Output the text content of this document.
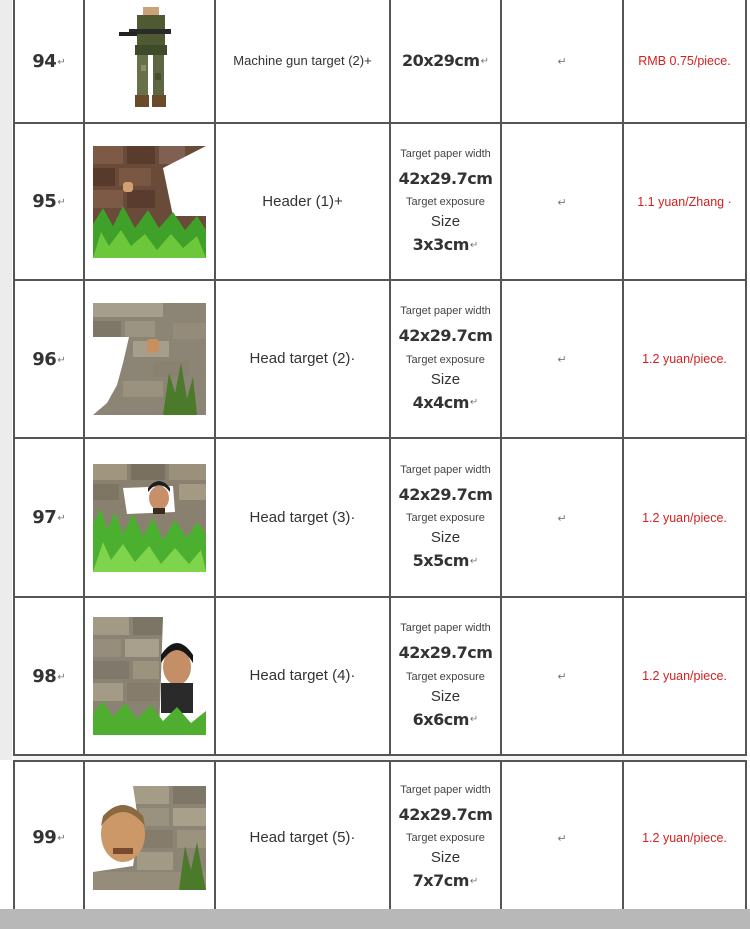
94↵		Machine gun target (2)+	20x29cm↵	↵	RMB 0.75/piece.
95↵		Header (1)+	Target paper width
42x29.7cm
Target exposure
Size
3x3cm↵	↵	1.1 yuan/Zhang ·
96↵		Head target (2)·	Target paper width
42x29.7cm
Target exposure
Size
4x4cm↵	↵	1.2 yuan/piece.
97↵		Head target (3)·	Target paper width
42x29.7cm
Target exposure
Size
5x5cm↵	↵	1.2 yuan/piece.
98↵		Head target (4)·	Target paper width
42x29.7cm
Target exposure
Size
6x6cm↵	↵	1.2 yuan/piece.

99↵		Head target (5)·	Target paper width
42x29.7cm
Target exposure
Size
7x7cm↵	↵	1.2 yuan/piece.
